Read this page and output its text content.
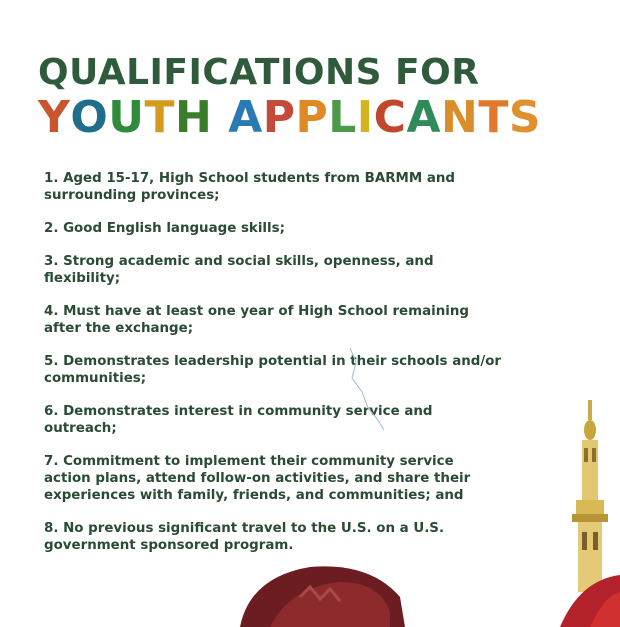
QUALIFICATIONS FOR
YOUTH APPLICANTS
1. Aged 15-17, High School students from BARMM and surrounding provinces;
2. Good English language skills;
3. Strong academic and social skills, openness, and flexibility;
4. Must have at least one year of High School remaining after the exchange;
5. Demonstrates leadership potential in their schools and/or communities;
6. Demonstrates interest in community service and outreach;
7. Commitment to implement their community service action plans, attend follow-on activities, and share their experiences with family, friends, and communities; and
8. No previous significant travel to the U.S. on a U.S. government sponsored program.
